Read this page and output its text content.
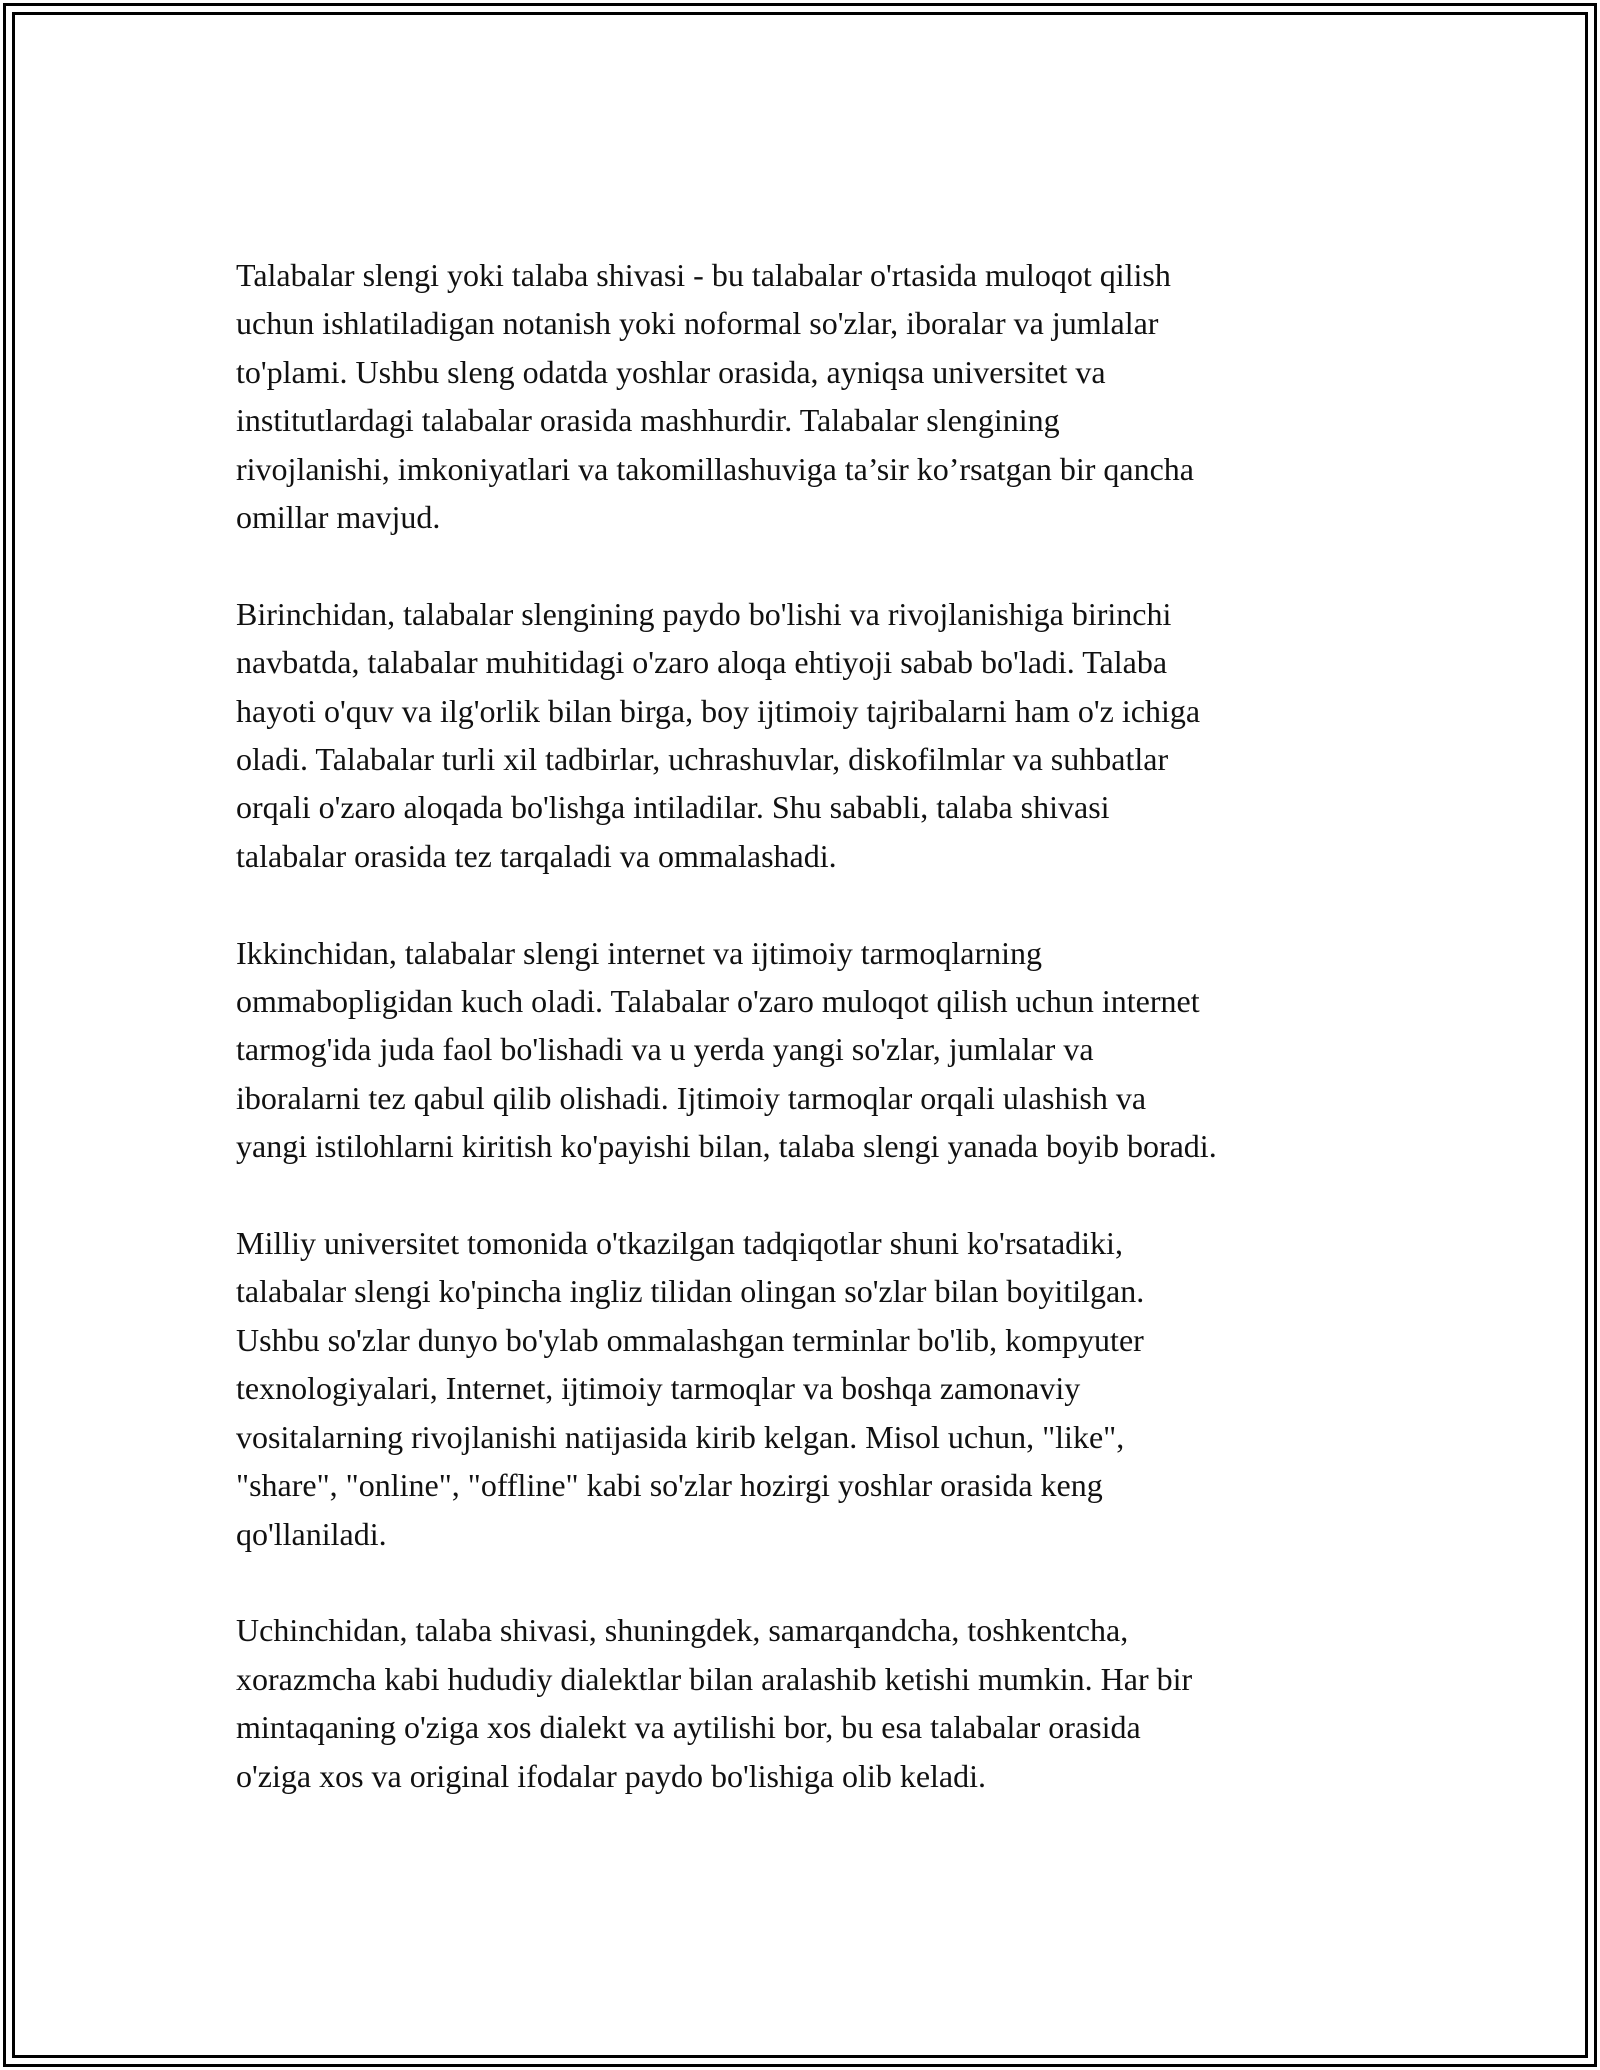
Talabalar slengi yoki talaba shivasi - bu talabalar o'rtasida muloqot qilish
uchun ishlatiladigan notanish yoki noformal so'zlar, iboralar va jumlalar
to'plami. Ushbu sleng odatda yoshlar orasida, ayniqsa universitet va
institutlardagi talabalar orasida mashhurdir. Talabalar slengining
rivojlanishi, imkoniyatlari va takomillashuviga ta’sir ko’rsatgan bir qancha
omillar mavjud.

Birinchidan, talabalar slengining paydo bo'lishi va rivojlanishiga birinchi
navbatda, talabalar muhitidagi o'zaro aloqa ehtiyoji sabab bo'ladi. Talaba
hayoti o'quv va ilg'orlik bilan birga, boy ijtimoiy tajribalarni ham o'z ichiga
oladi. Talabalar turli xil tadbirlar, uchrashuvlar, diskofilmlar va suhbatlar
orqali o'zaro aloqada bo'lishga intiladilar. Shu sababli, talaba shivasi
talabalar orasida tez tarqaladi va ommalashadi.

Ikkinchidan, talabalar slengi internet va ijtimoiy tarmoqlarning
ommabopligidan kuch oladi. Talabalar o'zaro muloqot qilish uchun internet
tarmog'ida juda faol bo'lishadi va u yerda yangi so'zlar, jumlalar va
iboralarni tez qabul qilib olishadi. Ijtimoiy tarmoqlar orqali ulashish va
yangi istilohlarni kiritish ko'payishi bilan, talaba slengi yanada boyib boradi.

Milliy universitet tomonida o'tkazilgan tadqiqotlar shuni ko'rsatadiki,
talabalar slengi ko'pincha ingliz tilidan olingan so'zlar bilan boyitilgan.
Ushbu so'zlar dunyo bo'ylab ommalashgan terminlar bo'lib, kompyuter
texnologiyalari, Internet, ijtimoiy tarmoqlar va boshqa zamonaviy
vositalarning rivojlanishi natijasida kirib kelgan. Misol uchun, "like",
"share", "online", "offline" kabi so'zlar hozirgi yoshlar orasida keng
qo'llaniladi.

Uchinchidan, talaba shivasi, shuningdek, samarqandcha, toshkentcha,
xorazmcha kabi hududiy dialektlar bilan aralashib ketishi mumkin. Har bir
mintaqaning o'ziga xos dialekt va aytilishi bor, bu esa talabalar orasida
o'ziga xos va original ifodalar paydo bo'lishiga olib keladi.
